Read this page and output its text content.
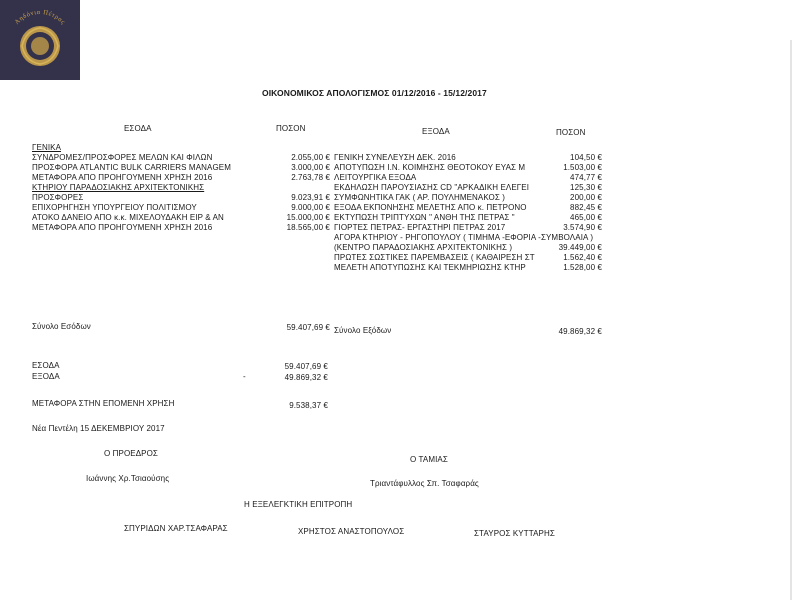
Αηδόνια Πέτρας
ΟΙΚΟΝΟΜΙΚΟΣ ΑΠΟΛΟΓΙΣΜΟΣ 01/12/2016 - 15/12/2017
ΕΣΟΔΑ	ΠΟΣΟΝ	ΕΞΟΔΑ	ΠΟΣΟΝ
ΓΕΝΙΚΑ
ΣΥΝΔΡΟΜΕΣ/ΠΡΟΣΦΟΡΕΣ ΜΕΛΩΝ ΚΑΙ ΦΙΛΩΝ	2.055,00 €
ΠΡΟΣΦΟΡΑ ATLANTIC BULK CARRIERS MANAGEM	3.000,00 €
ΜΕΤΑΦΟΡΑ ΑΠΟ ΠΡΟΗΓΟΥΜΕΝΗ ΧΡΗΣΗ 2016	2.763,78 €
ΚΤΗΡΙΟΥ ΠΑΡΑΔΟΣΙΑΚΗΣ ΑΡΧΙΤΕΚΤΟΝΙΚΗΣ
ΠΡΟΣΦΟΡΕΣ	9.023,91 €
ΕΠΙΧΟΡΗΓΗΣΗ ΥΠΟΥΡΓΕΙΟΥ ΠΟΛΙΤΙΣΜΟΥ	9.000,00 €
ΑΤΟΚΟ ΔΑΝΕΙΟ ΑΠΟ κ.κ. ΜΙΧΕΛΟΥΔΑΚΗ ΕΙΡ & ΑΝ	15.000,00 €
ΜΕΤΑΦΟΡΑ ΑΠΟ ΠΡΟΗΓΟΥΜΕΝΗ ΧΡΗΣΗ 2016	18.565,00 €
ΓΕΝΙΚΗ ΣΥΝΕΛΕΥΣΗ ΔΕΚ. 2016	104,50 €
ΑΠΟΤΥΠΩΣΗ Ι.Ν. ΚΟΙΜΗΣΗΣ ΘΕΟΤΟΚΟΥ ΕΥΑΣ Μ	1.503,00 €
ΛΕΙΤΟΥΡΓΙΚΑ ΕΞΟΔΑ	474,77 €
ΕΚΔΗΛΩΣΗ ΠΑΡΟΥΣΙΑΣΗΣ CD "ΑΡΚΑΔΙΚΗ ΕΛΕΓΕΙ	125,30 €
ΣΥΜΦΩΝΗΤΙΚΑ ΓΑΚ ( ΑΡ. ΠΟΥΛΗΜΕΝΑΚΟΣ )	200,00 €
ΕΞΟΔΑ ΕΚΠΟΝΗΣΗΣ ΜΕΛΕΤΗΣ ΑΠΟ κ. ΠΕΤΡΟΝΟ	882,45 €
ΕΚΤΥΠΩΣΗ ΤΡΙΠΤΥΧΩΝ " ΑΝΘΗ ΤΗΣ ΠΕΤΡΑΣ "	465,00 €
ΓΙΟΡΤΕΣ ΠΕΤΡΑΣ- ΕΡΓΑΣΤΗΡΙ ΠΕΤΡΑΣ 2017	3.574,90 €
ΑΓΟΡΑ ΚΤΗΡΙΟΥ - ΡΗΓΟΠΟΥΛΟΥ ( ΤΙΜΗΜΑ -ΕΦΟΡΙΑ -ΣΥΜΒΟΛΑΙΑ )
(ΚΕΝΤΡΟ ΠΑΡΑΔΟΣΙΑΚΗΣ ΑΡΧΙΤΕΚΤΟΝΙΚΗΣ )	39.449,00 €
ΠΡΩΤΕΣ ΣΩΣΤΙΚΕΣ ΠΑΡΕΜΒΑΣΕΙΣ ( ΚΑΘΑΙΡΕΣΗ ΣΤ	1.562,40 €
ΜΕΛΕΤΗ ΑΠΟΤΥΠΩΣΗΣ ΚΑΙ ΤΕΚΜΗΡΙΩΣΗΣ ΚΤΗΡ	1.528,00 €
Σύνολο Εσόδων	59.407,69 € Σύνολο Εξόδων	49.869,32 €
ΕΣΟΔΑ	59.407,69 €
ΕΞΟΔΑ	-	49.869,32 €
ΜΕΤΑΦΟΡΑ ΣΤΗΝ ΕΠΟΜΕΝΗ ΧΡΗΣΗ	9.538,37 €
Νέα Πεντέλη 15 ΔΕΚΕΜΒΡΙΟΥ 2017
Ο ΠΡΟΕΔΡΟΣ
Ο ΤΑΜΙΑΣ
Ιωάννης Χρ.Τσιαούσης
Τριαντάφυλλος Σπ. Τσαφαράς
Η ΕΞΕΛΕΓΚΤΙΚΗ ΕΠΙΤΡΟΠΗ
ΣΠΥΡΙΔΩΝ ΧΑΡ.ΤΣΑΦΑΡΑΣ	ΧΡΗΣΤΟΣ ΑΝΑΣΤΟΠΟΥΛΟΣ	ΣΤΑΥΡΟΣ ΚΥΤΤΑΡΗΣ
